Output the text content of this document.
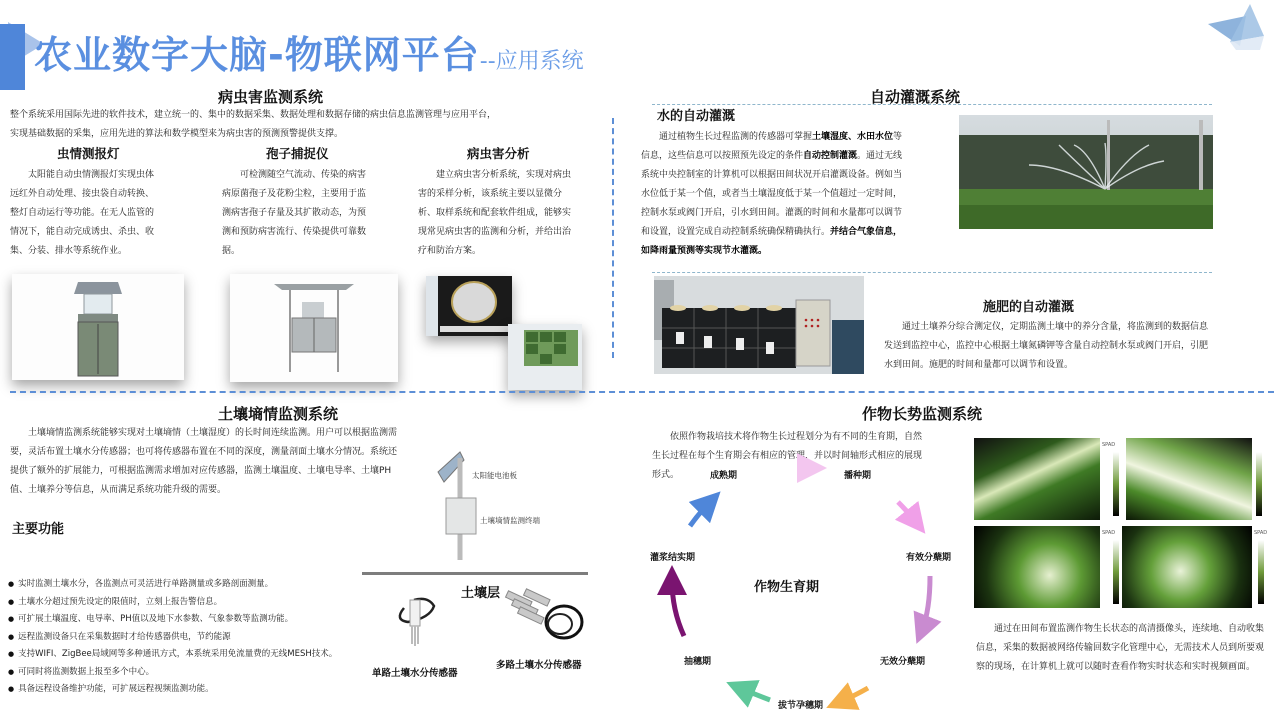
农业数字大脑-物联网平台--应用系统
病虫害监测系统
整个系统采用国际先进的软件技术，建立统一的、集中的数据采集、数据处理和数据存储的病虫信息监测管理与应用平台，
实现基础数据的采集，应用先进的算法和数学模型来为病虫害的预测预警提供支撑。
虫情测报灯
太阳能自动虫情测报灯实现虫体远红外自动处理、接虫袋自动转换、整灯自动运行等功能。在无人监管的情况下，能自动完成诱虫、杀虫、收集、分装、排水等系统作业。
孢子捕捉仪
可检测随空气流动、传染的病害病原菌孢子及花粉尘粒，主要用于监测病害孢子存量及其扩散动态，为预测和预防病害流行、传染提供可靠数据。
病虫害分析
建立病虫害分析系统，实现对病虫害的采样分析，该系统主要以显微分析、取样系统和配套软件组成，能够实现常见病虫害的监测和分析，并给出治疗和防治方案。
自动灌溉系统
水的自动灌溉
通过植物生长过程监测的传感器可掌握土壤湿度、水田水位等信息，这些信息可以按照预先设定的条件自动控制灌溉。通过无线系统中央控制室的计算机可以根据田间状况开启灌溉设备。例如当水位低于某一个值，或者当土壤湿度低于某一个值超过一定时间，控制水泵或阀门开启，引水到田间。灌溉的时间和水量都可以调节和设置，设置完成自动控制系统确保精确执行。并结合气象信息，如降雨量预测等实现节水灌溉。
施肥的自动灌溉
通过土壤养分综合测定仪，定期监测土壤中的养分含量，将监测到的数据信息发送到监控中心，监控中心根据土壤氮磷钾等含量自动控制水泵或阀门开启，引肥水到田间。施肥的时间和量都可以调节和设置。
土壤墒情监测系统
土壤墒情监测系统能够实现对土壤墒情（土壤湿度）的长时间连续监测。用户可以根据监测需要，灵活布置土壤水分传感器；也可将传感器布置在不同的深度，测量剖面土壤水分情况。系统还提供了额外的扩展能力，可根据监测需求增加对应传感器，监测土壤温度、土壤电导率、土壤PH值、土壤养分等信息，从而满足系统功能升级的需要。
主要功能
● 实时监测土壤水分，各监测点可灵活进行单路测量或多路剖面测量。
● 土壤水分超过预先设定的限值时，立刻上报告警信息。
● 可扩展土壤温度、电导率、PH值以及地下水参数、气象参数等监测功能。
● 远程监测设备只在采集数据时才给传感器供电，节约能源
● 支持WIFI、ZigBee局域网等多种通讯方式，本系统采用免流量费的无线MESH技术。
● 可同时将监测数据上报至多个中心。
● 具备远程设备维护功能，可扩展远程视频监测功能。
太阳能电池板
土壤墒情监测终端
土壤层
单路土壤水分传感器
多路土壤水分传感器
作物长势监测系统
依照作物栽培技术将作物生长过程划分为有不同的生育期，自然生长过程在每个生育期会有相应的管理，并以时间轴形式相应的展现形式。
作物生育期
播种期
有效分蘖期
无效分蘖期
拔节孕穗期
抽穗期
灌浆结实期
成熟期
SPAD
SPAD	SPAD
通过在田间布置监测作物生长状态的高清摄像头，连续地、自动收集信息，采集的数据被网络传输回数字化管理中心，无需技术人员到所要观察的现场，在计算机上就可以随时查看作物实时状态和实时视频画面。
